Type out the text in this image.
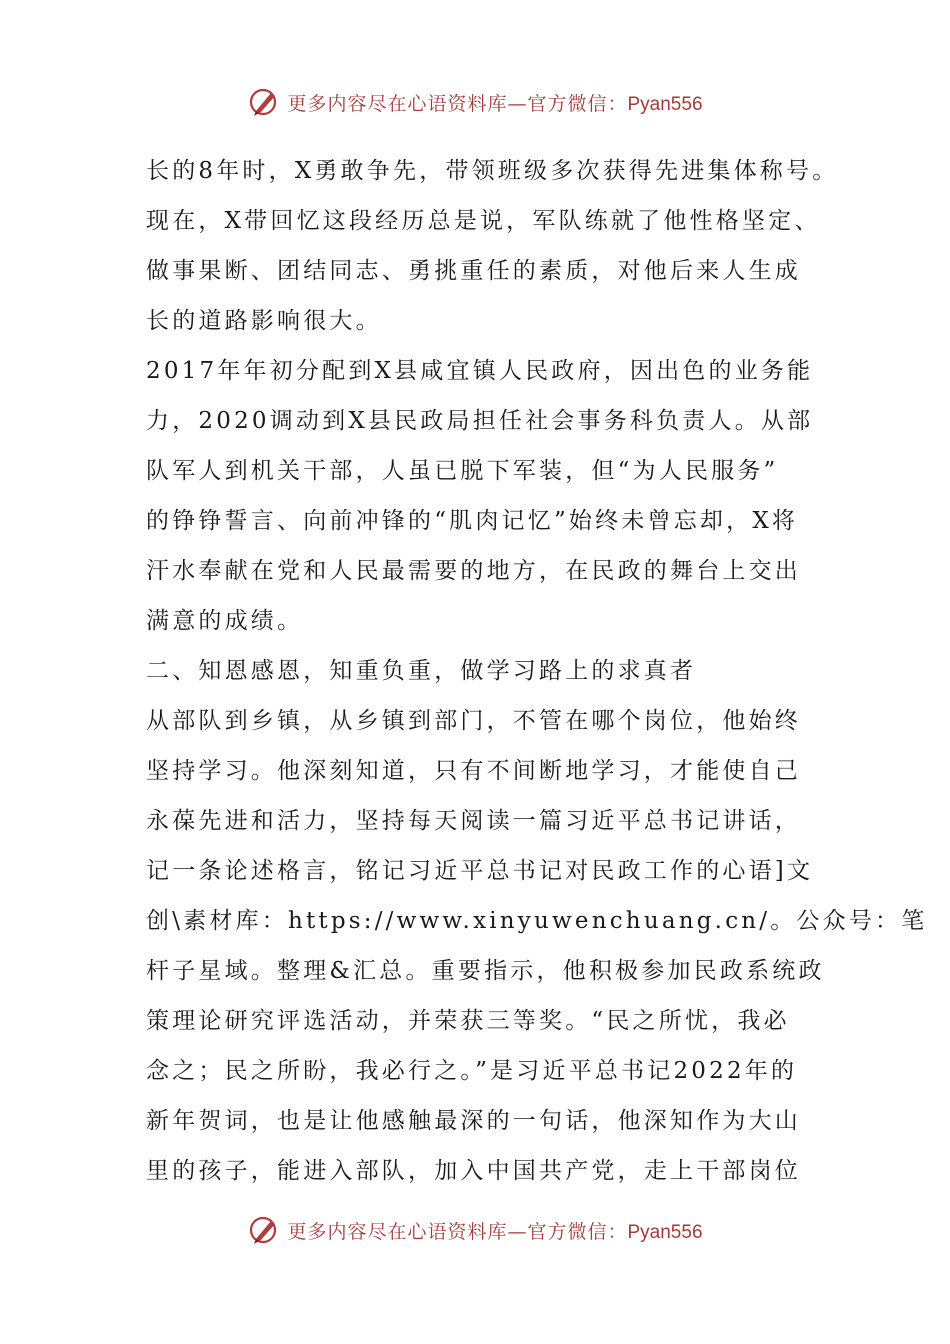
更多内容尽在心语资料库—官方微信：Pyan556
长的8年时，X勇敢争先，带领班级多次获得先进集体称号。
现在，X带回忆这段经历总是说，军队练就了他性格坚定、
做事果断、团结同志、勇挑重任的素质，对他后来人生成
长的道路影响很大。
2017年年初分配到X县咸宜镇人民政府，因出色的业务能
力，2020调动到X县民政局担任社会事务科负责人。从部
队军人到机关干部，人虽已脱下军装，但“为人民服务”
的铮铮誓言、向前冲锋的“肌肉记忆”始终未曾忘却，X将
汗水奉献在党和人民最需要的地方，在民政的舞台上交出
满意的成绩。
二、知恩感恩，知重负重，做学习路上的求真者
从部队到乡镇，从乡镇到部门，不管在哪个岗位，他始终
坚持学习。他深刻知道，只有不间断地学习，才能使自己
永葆先进和活力，坚持每天阅读一篇习近平总书记讲话，
记一条论述格言，铭记习近平总书记对民政工作的心语]文
创\素材库：https://www.xinyuwenchuang.cn/。公众号：笔
杆子星域。整理&汇总。重要指示，他积极参加民政系统政
策理论研究评选活动，并荣获三等奖。“民之所忧，我必
念之；民之所盼，我必行之。”是习近平总书记2022年的
新年贺词，也是让他感触最深的一句话，他深知作为大山
里的孩子，能进入部队，加入中国共产党，走上干部岗位
更多内容尽在心语资料库—官方微信：Pyan556
